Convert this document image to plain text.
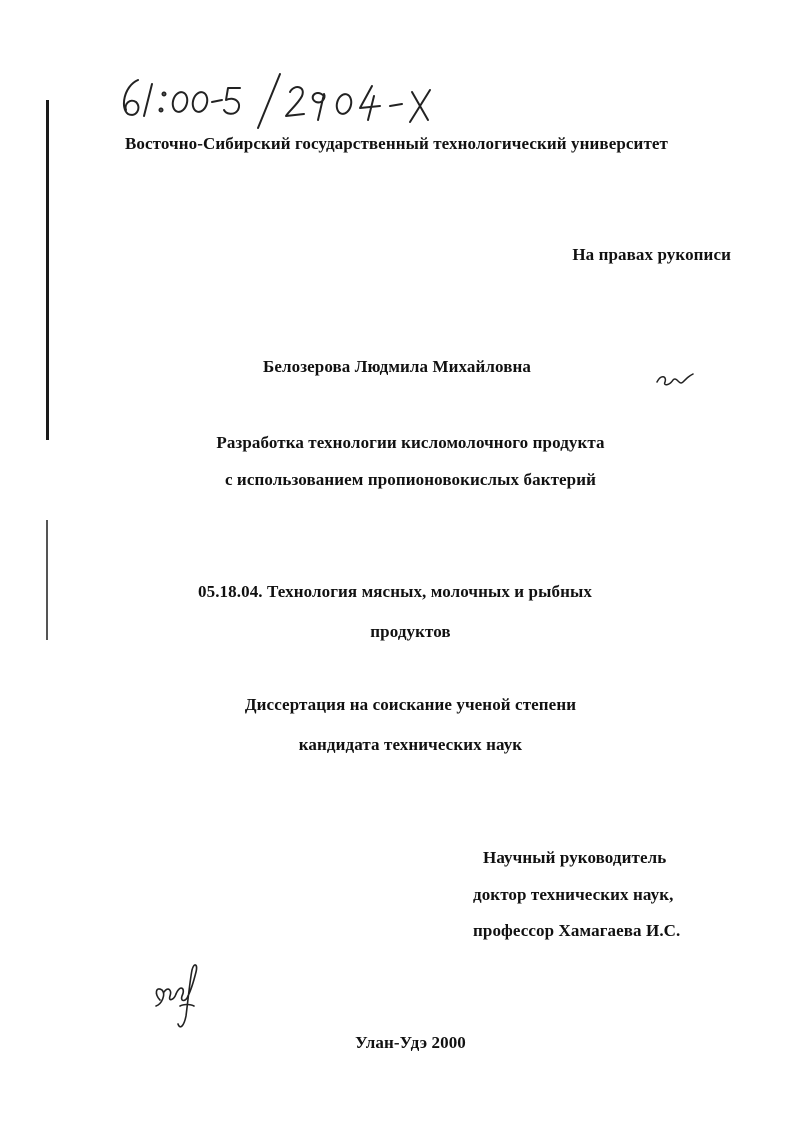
Восточно-Сибирский государственный технологический университет
На правах рукописи
Белозерова Людмила Михайловна
Разработка технологии кисломолочного продукта
с использованием пропионовокислых бактерий
05.18.04. Технология мясных, молочных и рыбных
продуктов
Диссертация на соискание ученой степени
кандидата технических наук
Научный руководитель
доктор технических наук,
профессор Хамагаева И.С.
Улан-Удэ 2000
